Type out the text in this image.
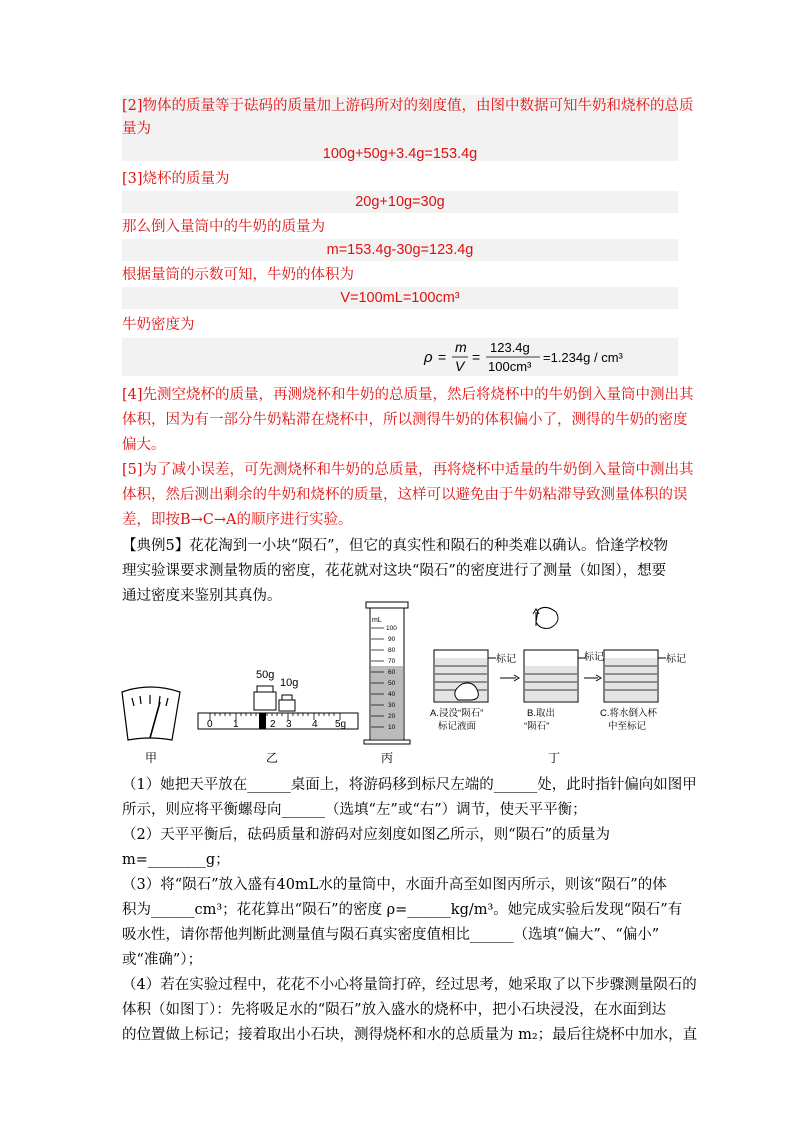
[2]物体的质量等于砝码的质量加上游码所对的刻度值，由图中数据可知牛奶和烧杯的总质
量为
100g+50g+3.4g=153.4g
[3]烧杯的质量为
20g+10g=30g
那么倒入量筒中的牛奶的质量为
m=153.4g-30g=123.4g
根据量筒的示数可知，牛奶的体积为
V=100mL=100cm³
牛奶密度为
ρ =
m
V
=
123.4g
100cm³
=1.234g / cm³
[4]先测空烧杯的质量，再测烧杯和牛奶的总质量，然后将烧杯中的牛奶倒入量筒中测出其
体积，因为有一部分牛奶粘滞在烧杯中，所以测得牛奶的体积偏小了，测得的牛奶的密度
偏大。
[5]为了减小误差，可先测烧杯和牛奶的总质量，再将烧杯中适量的牛奶倒入量筒中测出其
体积，然后测出剩余的牛奶和烧杯的质量，这样可以避免由于牛奶粘滞导致测量体积的误
差，即按B→C→A的顺序进行实验。
【典例5】花花淘到一小块“陨石”，但它的真实性和陨石的种类难以确认。恰逢学校物
理实验课要求测量物质的密度，花花就对这块“陨石”的密度进行了测量（如图），想要
通过密度来鉴别其真伪。
50g
10g
0 1	2 3 4 5g
mL
100
90
80
70
60
50
40
30
20
10
标记	标记	标记
A.浸没“陨石”
标记液面
B.取出
“陨石”
C.将水倒入杯
中至标记
甲	乙	丙	丁
（1）她把天平放在______桌面上，将游码移到标尺左端的______处，此时指针偏向如图甲
所示，则应将平衡螺母向______（选填“左”或“右”）调节，使天平平衡；
（2）天平平衡后，砝码质量和游码对应刻度如图乙所示，则“陨石”的质量为
m=________g；
（3）将“陨石”放入盛有40mL水的量筒中，水面升高至如图丙所示，则该“陨石”的体
积为______cm³；花花算出“陨石”的密度 ρ=______kg/m³。她完成实验后发现“陨石”有
吸水性，请你帮他判断此测量值与陨石真实密度值相比______（选填“偏大”、“偏小”
或“准确”）；
（4）若在实验过程中，花花不小心将量筒打碎，经过思考，她采取了以下步骤测量陨石的
体积（如图丁）：先将吸足水的“陨石”放入盛水的烧杯中，把小石块浸没，在水面到达
的位置做上标记；接着取出小石块，测得烧杯和水的总质量为 m₂；最后往烧杯中加水，直
